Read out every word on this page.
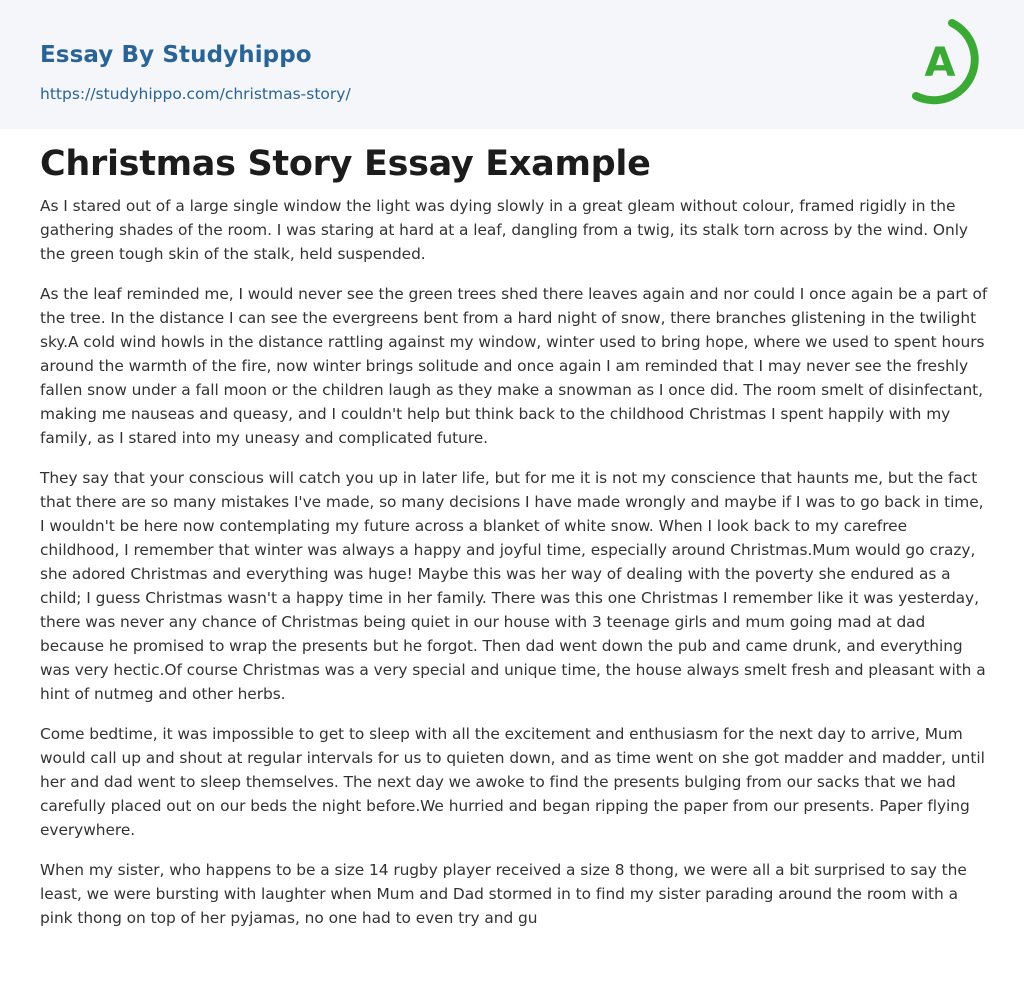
Essay By Studyhippo
https://studyhippo.com/christmas-story/
A
Christmas Story Essay Example

As I stared out of a large single window the light was dying slowly in a great gleam without colour, framed rigidly in the gathering shades of the room. I was staring at hard at a leaf, dangling from a twig, its stalk torn across by the wind. Only the green tough skin of the stalk, held suspended.

As the leaf reminded me, I would never see the green trees shed there leaves again and nor could I once again be a part of the tree. In the distance I can see the evergreens bent from a hard night of snow, there branches glistening in the twilight sky.A cold wind howls in the distance rattling against my window, winter used to bring hope, where we used to spent hours around the warmth of the fire, now winter brings solitude and once again I am reminded that I may never see the freshly fallen snow under a fall moon or the children laugh as they make a snowman as I once did. The room smelt of disinfectant, making me nauseas and queasy, and I couldn't help but think back to the childhood Christmas I spent happily with my family, as I stared into my uneasy and complicated future.

They say that your conscious will catch you up in later life, but for me it is not my conscience that haunts me, but the fact that there are so many mistakes I've made, so many decisions I have made wrongly and maybe if I was to go back in time, I wouldn't be here now contemplating my future across a blanket of white snow. When I look back to my carefree childhood, I remember that winter was always a happy and joyful time, especially around Christmas.Mum would go crazy, she adored Christmas and everything was huge! Maybe this was her way of dealing with the poverty she endured as a child; I guess Christmas wasn't a happy time in her family. There was this one Christmas I remember like it was yesterday, there was never any chance of Christmas being quiet in our house with 3 teenage girls and mum going mad at dad because he promised to wrap the presents but he forgot. Then dad went down the pub and came drunk, and everything was very hectic.Of course Christmas was a very special and unique time, the house always smelt fresh and pleasant with a hint of nutmeg and other herbs.

Come bedtime, it was impossible to get to sleep with all the excitement and enthusiasm for the next day to arrive, Mum would call up and shout at regular intervals for us to quieten down, and as time went on she got madder and madder, until her and dad went to sleep themselves. The next day we awoke to find the presents bulging from our sacks that we had carefully placed out on our beds the night before.We hurried and began ripping the paper from our presents. Paper flying everywhere.

When my sister, who happens to be a size 14 rugby player received a size 8 thong, we were all a bit surprised to say the least, we were bursting with laughter when Mum and Dad stormed in to find my sister parading around the room with a pink thong on top of her pyjamas, no one had to even try and gu
